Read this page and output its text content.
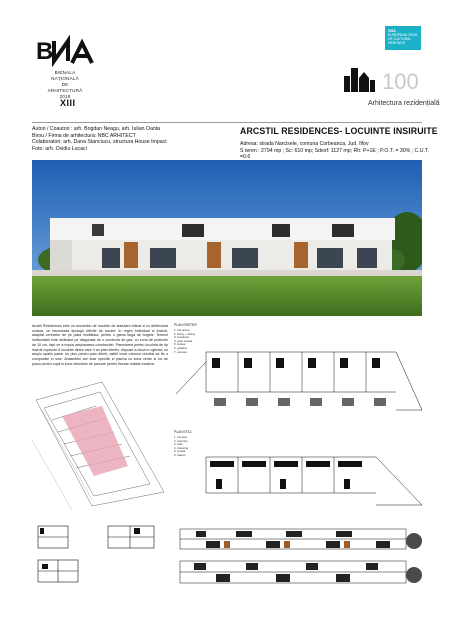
B
BIENALA
NAȚIONALĂ
DE
ARHITECTURĂ
2018
XIII
2018
EUROPEAN YEAR
OF CULTURAL
HERITAGE
100
Arhitectura rezidențială
Autori / Coautori : arh. Bogdan Neagu, arh. Iulian Oanta
Birou / Firma de arhitectura: NBC ARHITECT
Colaboratori: arh. Dana Stanciucu, structura House Impact
Foto: arh. Ovidiu Lucaci
ARCSTIL RESIDENCES- LOCUINTE INSIRUITE
Adresa: strada Narcisele, comuna Corbeanca, Jud. Ilfov
S teren : 2794 mp ; Sc: 610 mp; Sdesf: 1127 mp; Rh: P+1E ; P.O.T. = 30% ; C.U.T. =0.6
Arcstil Residences este un ansamblu de locuinte de standard ridicat si cu arhitectura unitara, ce insumeaza tipologii diferite de locuire. In regim individual si insiruit, adaptat cerintelor de pe piata imobiliara, pentru o gama larga de bugete. Terenul indiscutabil este strabatut pe diagonala de o conducta de gaz, cu zona de protectie de 10 cm, fapt ce a impus amplasarea constructiei. Parcelarea pentru locuinta de tip insiruit cuprinde 6 locuinte dintre care 4 au plan identic, dispuse a doua in oglinda, un amplu spatiu parter un plus pentru plan diferit, astfel incat volumul rezultat sa fie o compozitie in sine. Ansamblul are doar specific si placha cu zona verde si loc de joaca pentru copii si zone deschise de parcare pentru fiecare unitate locativa.
PLAN PARTER
1. hol acces
2. living + dining
3. bucatarie
4. grup sanitar
5. terasa
6. gradina
7. parcare
PLAN ETAJ
1. hol etaj
2. dormitor
3. baie
4. dressing
5. terasa
6. balcon
